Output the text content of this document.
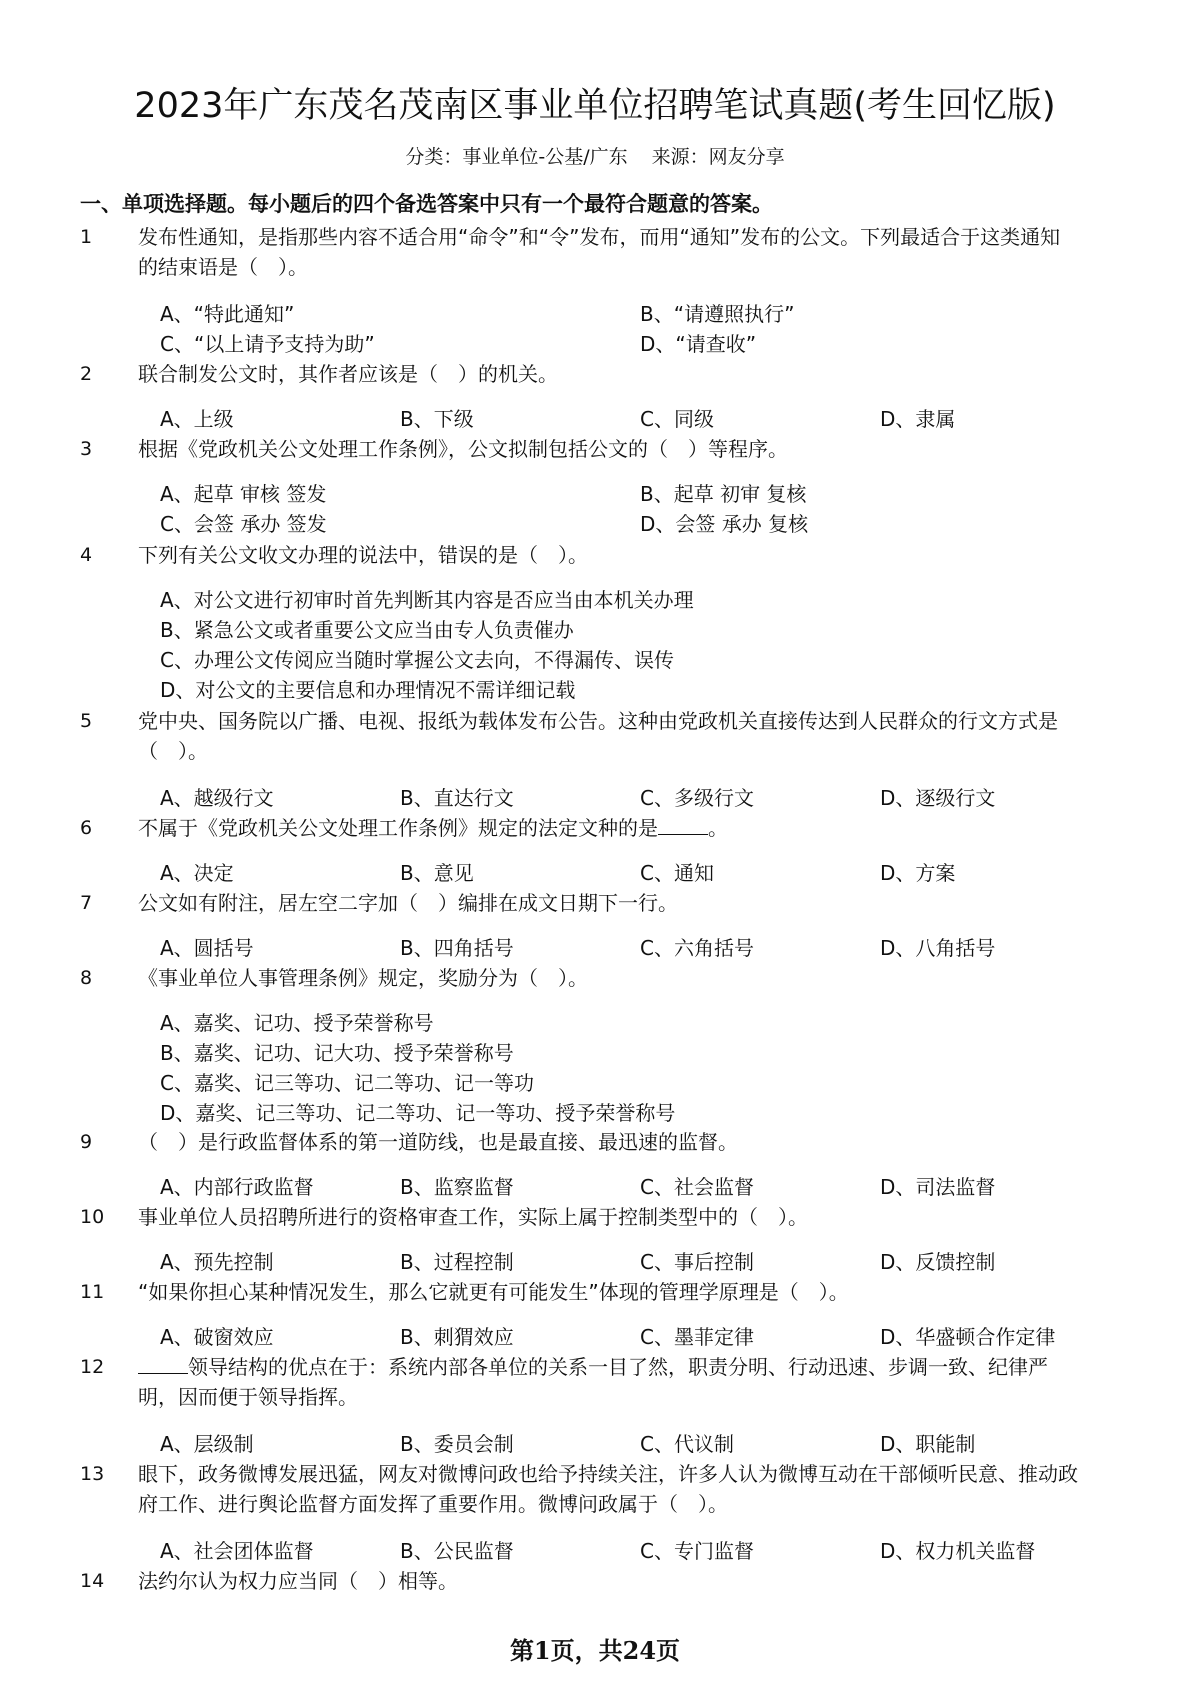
2023年广东茂名茂南区事业单位招聘笔试真题(考生回忆版)
分类：事业单位-公基/广东 来源：网友分享
一、单项选择题。每小题后的四个备选答案中只有一个最符合题意的答案。
1	发布性通知，是指那些内容不适合用“命令”和“令”发布，而用“通知”发布的公文。下列最适合于这类通知的结束语是（　）。
A、“特此通知”	B、“请遵照执行”
C、“以上请予支持为助”	D、“请查收”
2	联合制发公文时，其作者应该是（　）的机关。
A、上级	B、下级	C、同级	D、隶属
3	根据《党政机关公文处理工作条例》，公文拟制包括公文的（　）等程序。
A、起草 审核 签发	B、起草 初审 复核
C、会签 承办 签发	D、会签 承办 复核
4	下列有关公文收文办理的说法中，错误的是（　）。
A、对公文进行初审时首先判断其内容是否应当由本机关办理
B、紧急公文或者重要公文应当由专人负责催办
C、办理公文传阅应当随时掌握公文去向，不得漏传、误传
D、对公文的主要信息和办理情况不需详细记载
5	党中央、国务院以广播、电视、报纸为载体发布公告。这种由党政机关直接传达到人民群众的行文方式是（　）。
A、越级行文	B、直达行文	C、多级行文	D、逐级行文
6	不属于《党政机关公文处理工作条例》规定的法定文种的是	。
A、决定	B、意见	C、通知	D、方案
7	公文如有附注，居左空二字加（　）编排在成文日期下一行。
A、圆括号	B、四角括号	C、六角括号	D、八角括号
8	《事业单位人事管理条例》规定，奖励分为（　）。
A、嘉奖、记功、授予荣誉称号
B、嘉奖、记功、记大功、授予荣誉称号
C、嘉奖、记三等功、记二等功、记一等功
D、嘉奖、记三等功、记二等功、记一等功、授予荣誉称号
9	（　）是行政监督体系的第一道防线，也是最直接、最迅速的监督。
A、内部行政监督	B、监察监督	C、社会监督	D、司法监督
10	事业单位人员招聘所进行的资格审查工作，实际上属于控制类型中的（　）。
A、预先控制	B、过程控制	C、事后控制	D、反馈控制
11	“如果你担心某种情况发生，那么它就更有可能发生”体现的管理学原理是（　）。
A、破窗效应	B、刺猬效应	C、墨菲定律	D、华盛顿合作定律
12	领导结构的优点在于：系统内部各单位的关系一目了然，职责分明、行动迅速、步调一致、纪律严明，因而便于领导指挥。
A、层级制	B、委员会制	C、代议制	D、职能制
13	眼下，政务微博发展迅猛，网友对微博问政也给予持续关注，许多人认为微博互动在干部倾听民意、推动政府工作、进行舆论监督方面发挥了重要作用。微博问政属于（　）。
A、社会团体监督	B、公民监督	C、专门监督	D、权力机关监督
14	法约尔认为权力应当同（　）相等。
第1页，共24页
